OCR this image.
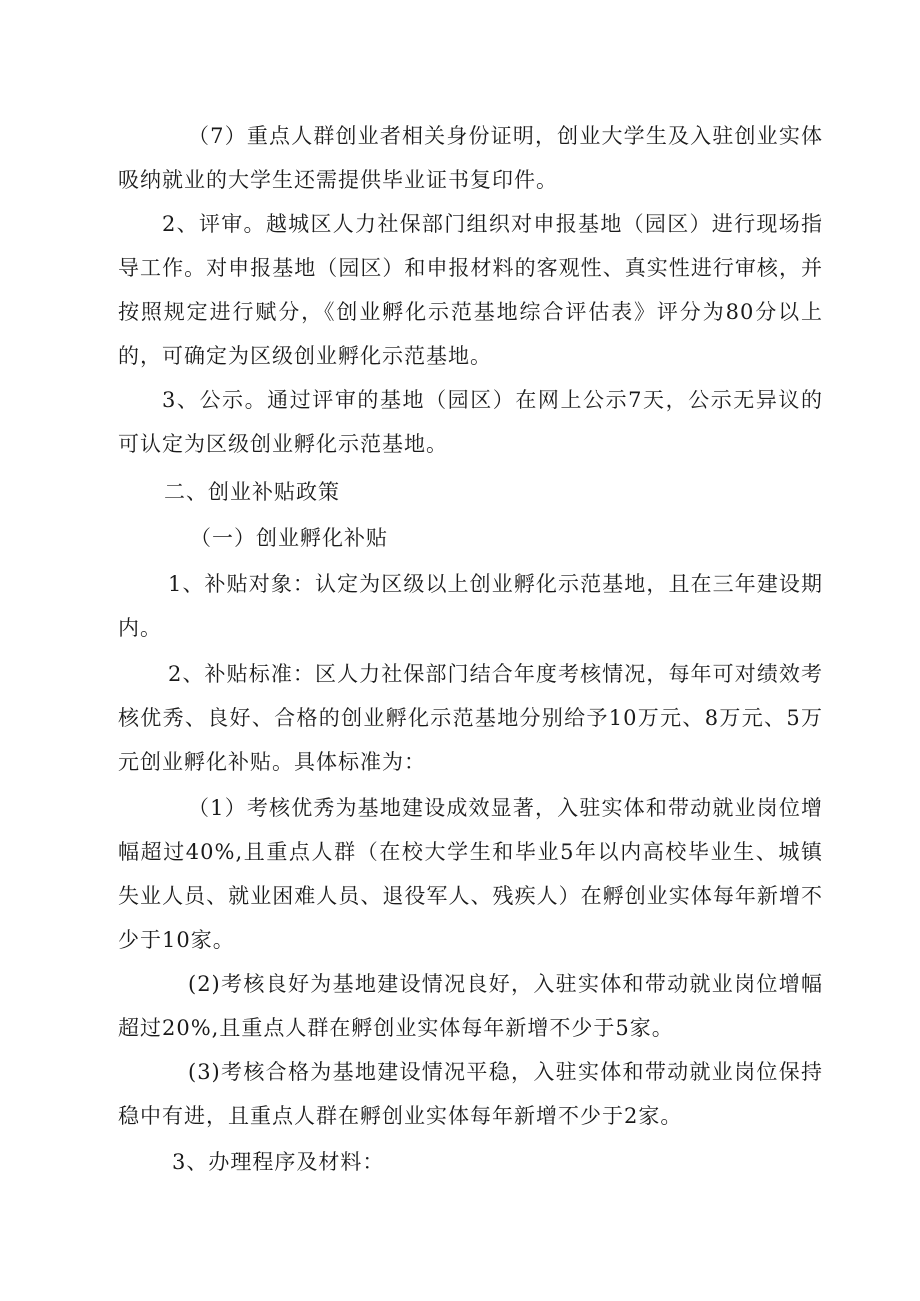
（7）重点人群创业者相关身份证明，创业大学生及入驻创业实体吸纳就业的大学生还需提供毕业证书复印件。

2、评审。越城区人力社保部门组织对申报基地（园区）进行现场指导工作。对申报基地（园区）和申报材料的客观性、真实性进行审核，并按照规定进行赋分，《创业孵化示范基地综合评估表》评分为80分以上的，可确定为区级创业孵化示范基地。

3、公示。通过评审的基地（园区）在网上公示7天，公示无异议的可认定为区级创业孵化示范基地。

二、创业补贴政策

（一）创业孵化补贴

1、补贴对象：认定为区级以上创业孵化示范基地，且在三年建设期内。

2、补贴标准：区人力社保部门结合年度考核情况，每年可对绩效考核优秀、良好、合格的创业孵化示范基地分别给予10万元、8万元、5万元创业孵化补贴。具体标准为：

（1）考核优秀为基地建设成效显著，入驻实体和带动就业岗位增幅超过40%,且重点人群（在校大学生和毕业5年以内高校毕业生、城镇失业人员、就业困难人员、退役军人、残疾人）在孵创业实体每年新增不少于10家。

(2)考核良好为基地建设情况良好，入驻实体和带动就业岗位增幅超过20%,且重点人群在孵创业实体每年新增不少于5家。

(3)考核合格为基地建设情况平稳，入驻实体和带动就业岗位保持稳中有进，且重点人群在孵创业实体每年新增不少于2家。

3、办理程序及材料：
